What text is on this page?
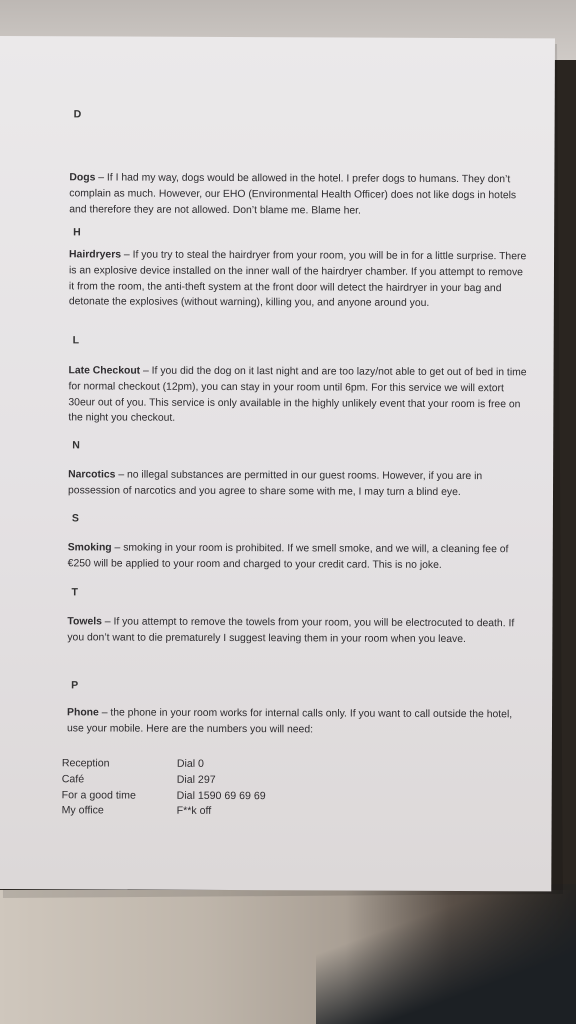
D
Dogs – If I had my way, dogs would be allowed in the hotel. I prefer dogs to humans. They don’t complain as much. However, our EHO (Environmental Health Officer) does not like dogs in hotels and therefore they are not allowed. Don’t blame me. Blame her.
H
Hairdryers – If you try to steal the hairdryer from your room, you will be in for a little surprise. There is an explosive device installed on the inner wall of the hairdryer chamber. If you attempt to remove it from the room, the anti-theft system at the front door will detect the hairdryer in your bag and detonate the explosives (without warning), killing you, and anyone around you.
L
Late Checkout – If you did the dog on it last night and are too lazy/not able to get out of bed in time for normal checkout (12pm), you can stay in your room until 6pm. For this service we will extort 30eur out of you. This service is only available in the highly unlikely event that your room is free on the night you checkout.
N
Narcotics – no illegal substances are permitted in our guest rooms. However, if you are in possession of narcotics and you agree to share some with me, I may turn a blind eye.
S
Smoking – smoking in your room is prohibited. If we smell smoke, and we will, a cleaning fee of €250 will be applied to your room and charged to your credit card. This is no joke.
T
Towels – If you attempt to remove the towels from your room, you will be electrocuted to death. If you don’t want to die prematurely I suggest leaving them in your room when you leave.
P
Phone – the phone in your room works for internal calls only. If you want to call outside the hotel, use your mobile. Here are the numbers you will need:
Reception	Dial 0
Café	Dial 297
For a good time	Dial 1590 69 69 69
My office	F**k off
